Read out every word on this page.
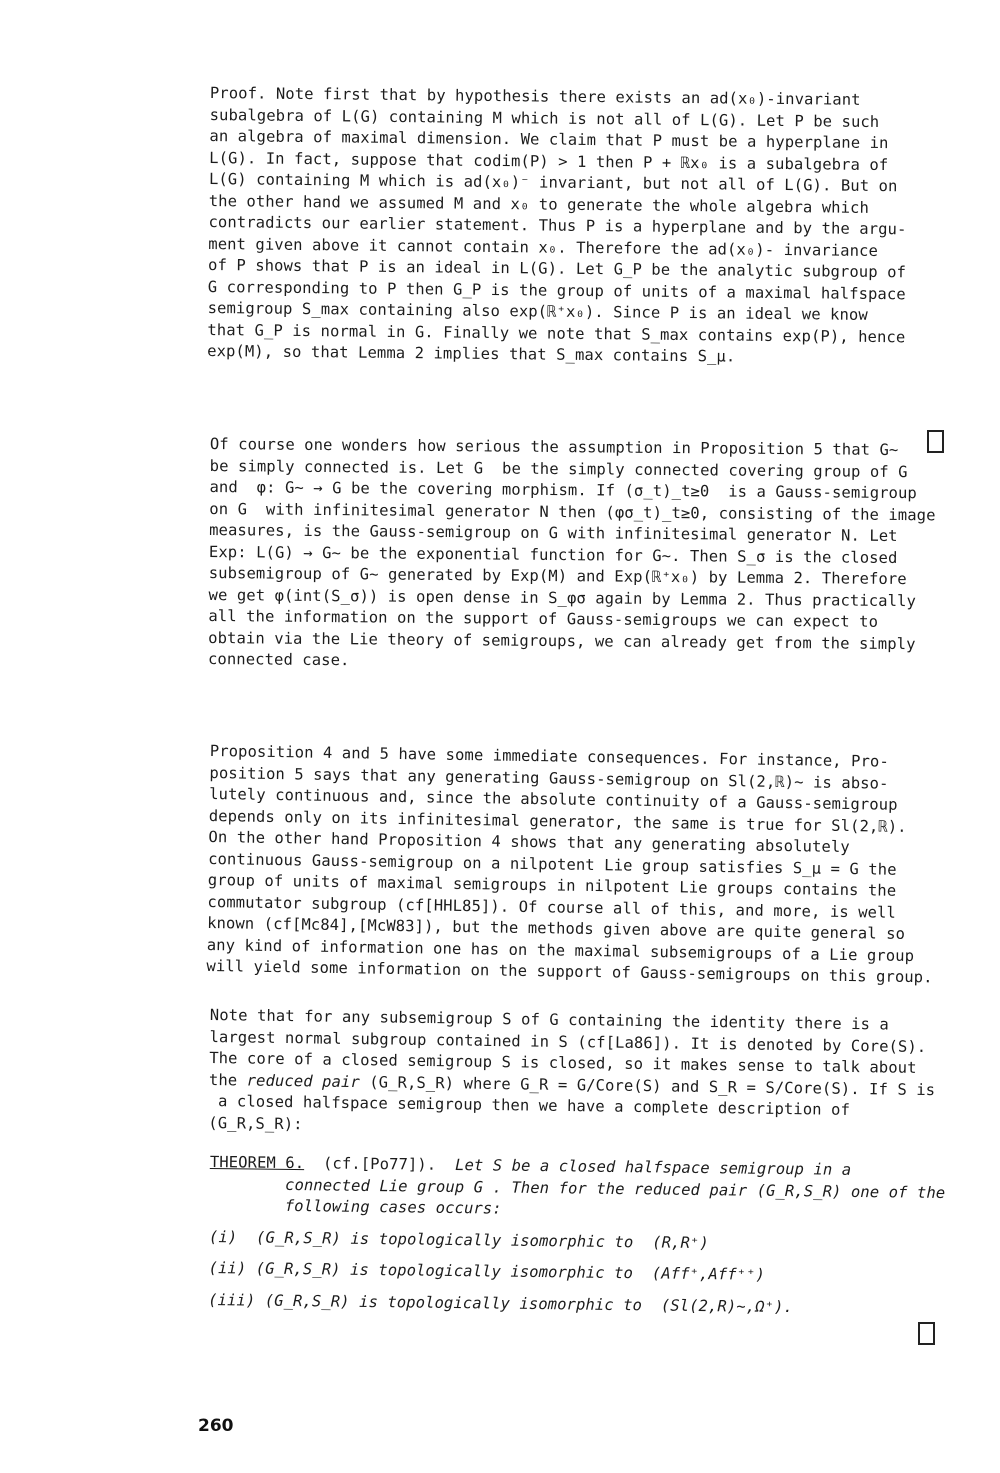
Proof. Note first that by hypothesis there exists an ad(x₀)-invariant
subalgebra of L(G) containing M which is not all of L(G). Let P be such
an algebra of maximal dimension. We claim that P must be a hyperplane in
L(G). In fact, suppose that codim(P) > 1 then P + ℝx₀ is a subalgebra of
L(G) containing M which is ad(x₀)⁻ invariant, but not all of L(G). But on
the other hand we assumed M and x₀ to generate the whole algebra which
contradicts our earlier statement. Thus P is a hyperplane and by the argu-
ment given above it cannot contain x₀. Therefore the ad(x₀)- invariance
of P shows that P is an ideal in L(G). Let G_P be the analytic subgroup of
G corresponding to P then G_P is the group of units of a maximal halfspace
semigroup S_max containing also exp(ℝ⁺x₀). Since P is an ideal we know
that G_P is normal in G. Finally we note that S_max contains exp(P), hence
exp(M), so that Lemma 2 implies that S_max contains S_μ.
Of course one wonders how serious the assumption in Proposition 5 that G~
be simply connected is. Let G  be the simply connected covering group of G
and  φ: G~ → G be the covering morphism. If (σ_t)_t≥0  is a Gauss-semigroup
on G  with infinitesimal generator N then (φσ_t)_t≥0, consisting of the image
measures, is the Gauss-semigroup on G with infinitesimal generator N. Let
Exp: L(G) → G~ be the exponential function for G~. Then S_σ is the closed
subsemigroup of G~ generated by Exp(M) and Exp(ℝ⁺x₀) by Lemma 2. Therefore
we get φ(int(S_σ)) is open dense in S_φσ again by Lemma 2. Thus practically
all the information on the support of Gauss-semigroups we can expect to
obtain via the Lie theory of semigroups, we can already get from the simply
connected case.
Proposition 4 and 5 have some immediate consequences. For instance, Pro-
position 5 says that any generating Gauss-semigroup on Sl(2,ℝ)~ is abso-
lutely continuous and, since the absolute continuity of a Gauss-semigroup
depends only on its infinitesimal generator, the same is true for Sl(2,ℝ).
On the other hand Proposition 4 shows that any generating absolutely
continuous Gauss-semigroup on a nilpotent Lie group satisfies S_μ = G the
group of units of maximal semigroups in nilpotent Lie groups contains the
commutator subgroup (cf[HHL85]). Of course all of this, and more, is well
known (cf[Mc84],[McW83]), but the methods given above are quite general so
any kind of information one has on the maximal subsemigroups of a Lie group
will yield some information on the support of Gauss-semigroups on this group.
Note that for any subsemigroup S of G containing the identity there is a
largest normal subgroup contained in S (cf[La86]). It is denoted by Core(S).
The core of a closed semigroup S is closed, so it makes sense to talk about
the reduced pair (G_R,S_R) where G_R = G/Core(S) and S_R = S/Core(S). If S is
a closed halfspace semigroup then we have a complete description of (G_R,S_R):
THEOREM 6.  (cf.[Po77]).  Let S be a closed halfspace semigroup in a
connected Lie group G . Then for the reduced pair (G_R,S_R) one of the
following cases occurs:

(i)  (G_R,S_R) is topologically isomorphic to  (R,R⁺)
(ii) (G_R,S_R) is topologically isomorphic to  (Aff⁺,Aff⁺⁺)
(iii) (G_R,S_R) is topologically isomorphic to  (Sl(2,R)~,Ω⁺).
260
